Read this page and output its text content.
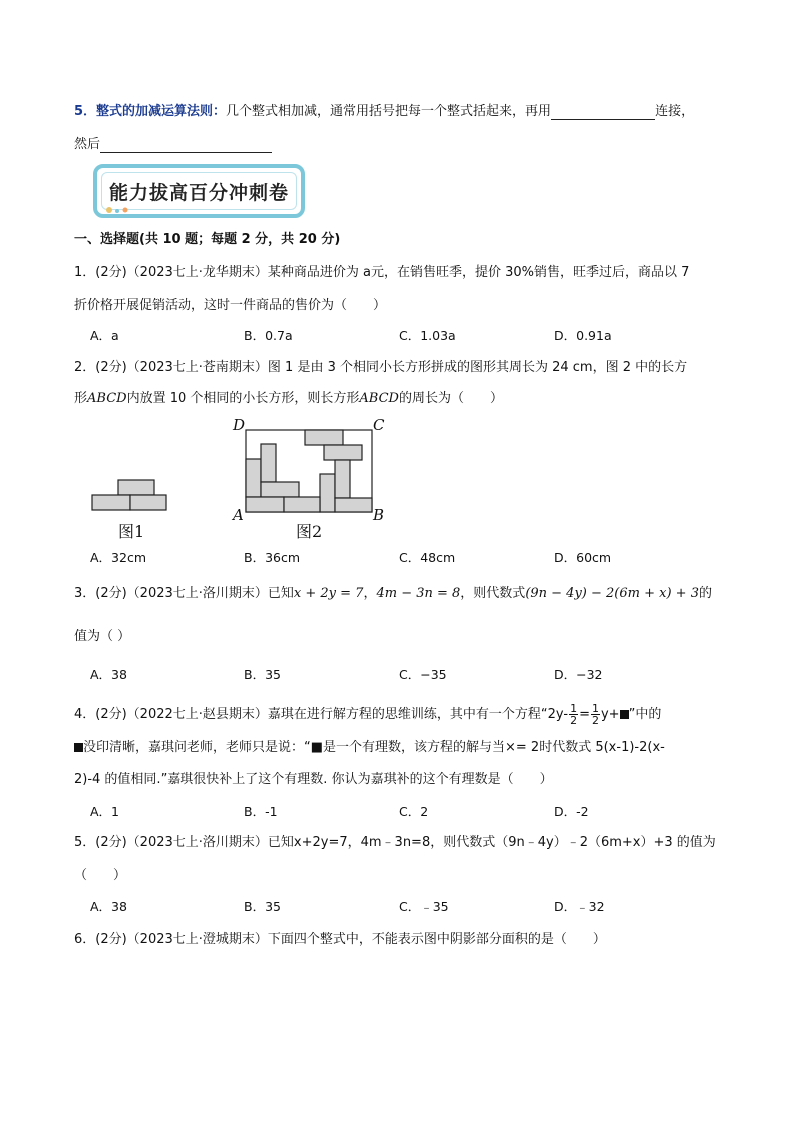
5．整式的加减运算法则：几个整式相加减，通常用括号把每一个整式括起来，再用	连接，
然后
能力拔高百分冲刺卷
一、选择题(共 10 题；每题 2 分，共 20 分)
1．(2分)（2023七上·龙华期末）某种商品进价为 a元，在销售旺季，提价 30%销售，旺季过后，商品以 7
折价格开展促销活动，这时一件商品的售价为（　　）
A．a	B．0.7a	C．1.03a	D．0.91a
2．(2分)（2023七上·苍南期末）图 1 是由 3 个相同小长方形拼成的图形其周长为 24 cm，图 2 中的长方
形ABCD内放置 10 个相同的小长方形，则长方形ABCD的周长为（　　）
图1
D	C
A	B
图2
A．32cm	B．36cm	C．48cm	D．60cm
3．(2分)（2023七上·洛川期末）已知x + 2y = 7，4m − 3n = 8，则代数式(9n − 4y) − 2(6m + x) + 3的
值为（ ）
A．38	B．35	C．−35	D．−32
4．(2分)（2022七上·赵县期末）嘉琪在进行解方程的思维训练，其中有一个方程“$2y- \frac{1}{2} = \frac{1}{2} y+$ ”中的
没印清晰，嘉琪问老师，老师只是说：“■是一个有理数，该方程的解与当×= 2时代数式 5(x-1)-2(x-
2)-4 的值相同.”嘉琪很快补上了这个有理数. 你认为嘉琪补的这个有理数是（　　）
A．1	B．-1	C．2	D．-2
5．(2分)（2023七上·洛川期末）已知x+2y=7，4m﹣3n=8，则代数式（9n﹣4y）﹣2（6m+x）+3 的值为
（　　）
A．38	B．35	C．﹣35	D．﹣32
6．(2分)（2023七上·澄城期末）下面四个整式中，不能表示图中阴影部分面积的是（　　）
